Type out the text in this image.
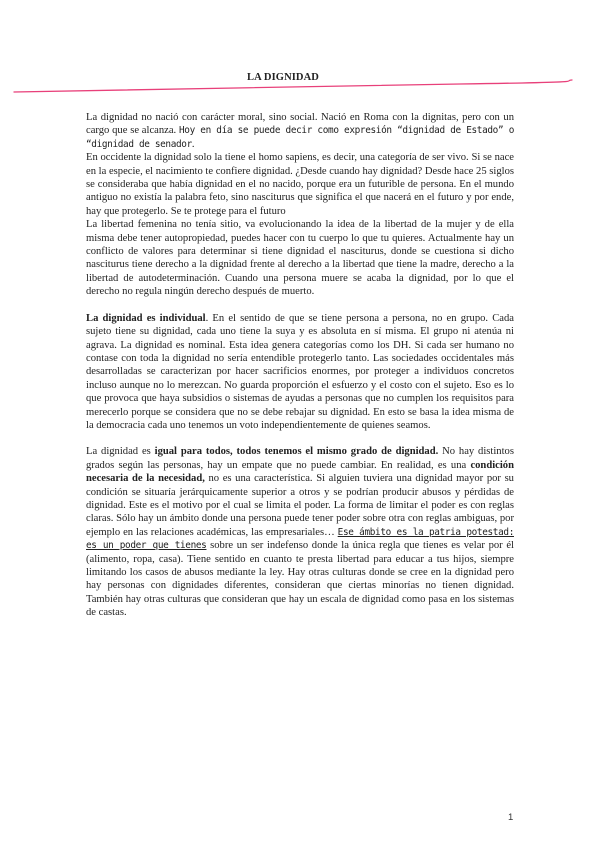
LA DIGNIDAD

La dignidad no nació con carácter moral, sino social. Nació en Roma con la dignitas, pero con un cargo que se alcanza. Hoy en día se puede decir como expresión “dignidad de Estado” o “dignidad de senador.

En occidente la dignidad solo la tiene el homo sapiens, es decir, una categoría de ser vivo. Si se nace en la especie, el nacimiento te confiere dignidad. ¿Desde cuando hay dignidad? Desde hace 25 siglos se consideraba que había dignidad en el no nacido, porque era un futurible de persona. En el mundo antiguo no existía la palabra feto, sino nasciturus que significa el que nacerá en el futuro y por ende, hay que protegerlo. Se te protege para el futuro

La libertad femenina no tenía sitio, va evolucionando la idea de la libertad de la mujer y de ella misma debe tener autopropiedad, puedes hacer con tu cuerpo lo que tu quieres. Actualmente hay un conflicto de valores para determinar si tiene dignidad el nasciturus, donde se cuestiona si dicho nasciturus tiene derecho a la dignidad frente al derecho a la libertad que tiene la madre, derecho a la libertad de autodeterminación. Cuando una persona muere se acaba la dignidad, por lo que el derecho no regula ningún derecho después de muerto.

La dignidad es individual. En el sentido de que se tiene persona a persona, no en grupo. Cada sujeto tiene su dignidad, cada uno tiene la suya y es absoluta en sí misma. El grupo ni atenúa ni agrava. La dignidad es nominal. Esta idea genera categorías como los DH. Si cada ser humano no contase con toda la dignidad no sería entendible protegerlo tanto. Las sociedades occidentales más desarrolladas se caracterizan por hacer sacrificios enormes, por proteger a individuos concretos incluso aunque no lo merezcan. No guarda proporción el esfuerzo y el costo con el sujeto. Eso es lo que provoca que haya subsidios o sistemas de ayudas a personas que no cumplen los requisitos para merecerlo porque se considera que no se debe rebajar su dignidad. En esto se basa la idea misma de la democracia cada uno tenemos un voto independientemente de quienes seamos.

La dignidad es igual para todos, todos tenemos el mismo grado de dignidad. No hay distintos grados según las personas, hay un empate que no puede cambiar. En realidad, es una condición necesaria de la necesidad, no es una característica. Si alguien tuviera una dignidad mayor por su condición se situaría jerárquicamente superior a otros y se podrían producir abusos y pérdidas de dignidad. Este es el motivo por el cual se limita el poder. La forma de limitar el poder es con reglas claras. Sólo hay un ámbito donde una persona puede tener poder sobre otra con reglas ambiguas, por ejemplo en las relaciones académicas, las empresariales… Ese ámbito es la patria potestad: es un poder que tienes sobre un ser indefenso donde la única regla que tienes es velar por él (alimento, ropa, casa). Tiene sentido en cuanto te presta libertad para educar a tus hijos, siempre limitando los casos de abusos mediante la ley. Hay otras culturas donde se cree en la dignidad pero hay personas con dignidades diferentes, consideran que ciertas minorías no tienen dignidad. También hay otras culturas que consideran que hay un escala de dignidad como pasa en los sistemas de castas.

1
